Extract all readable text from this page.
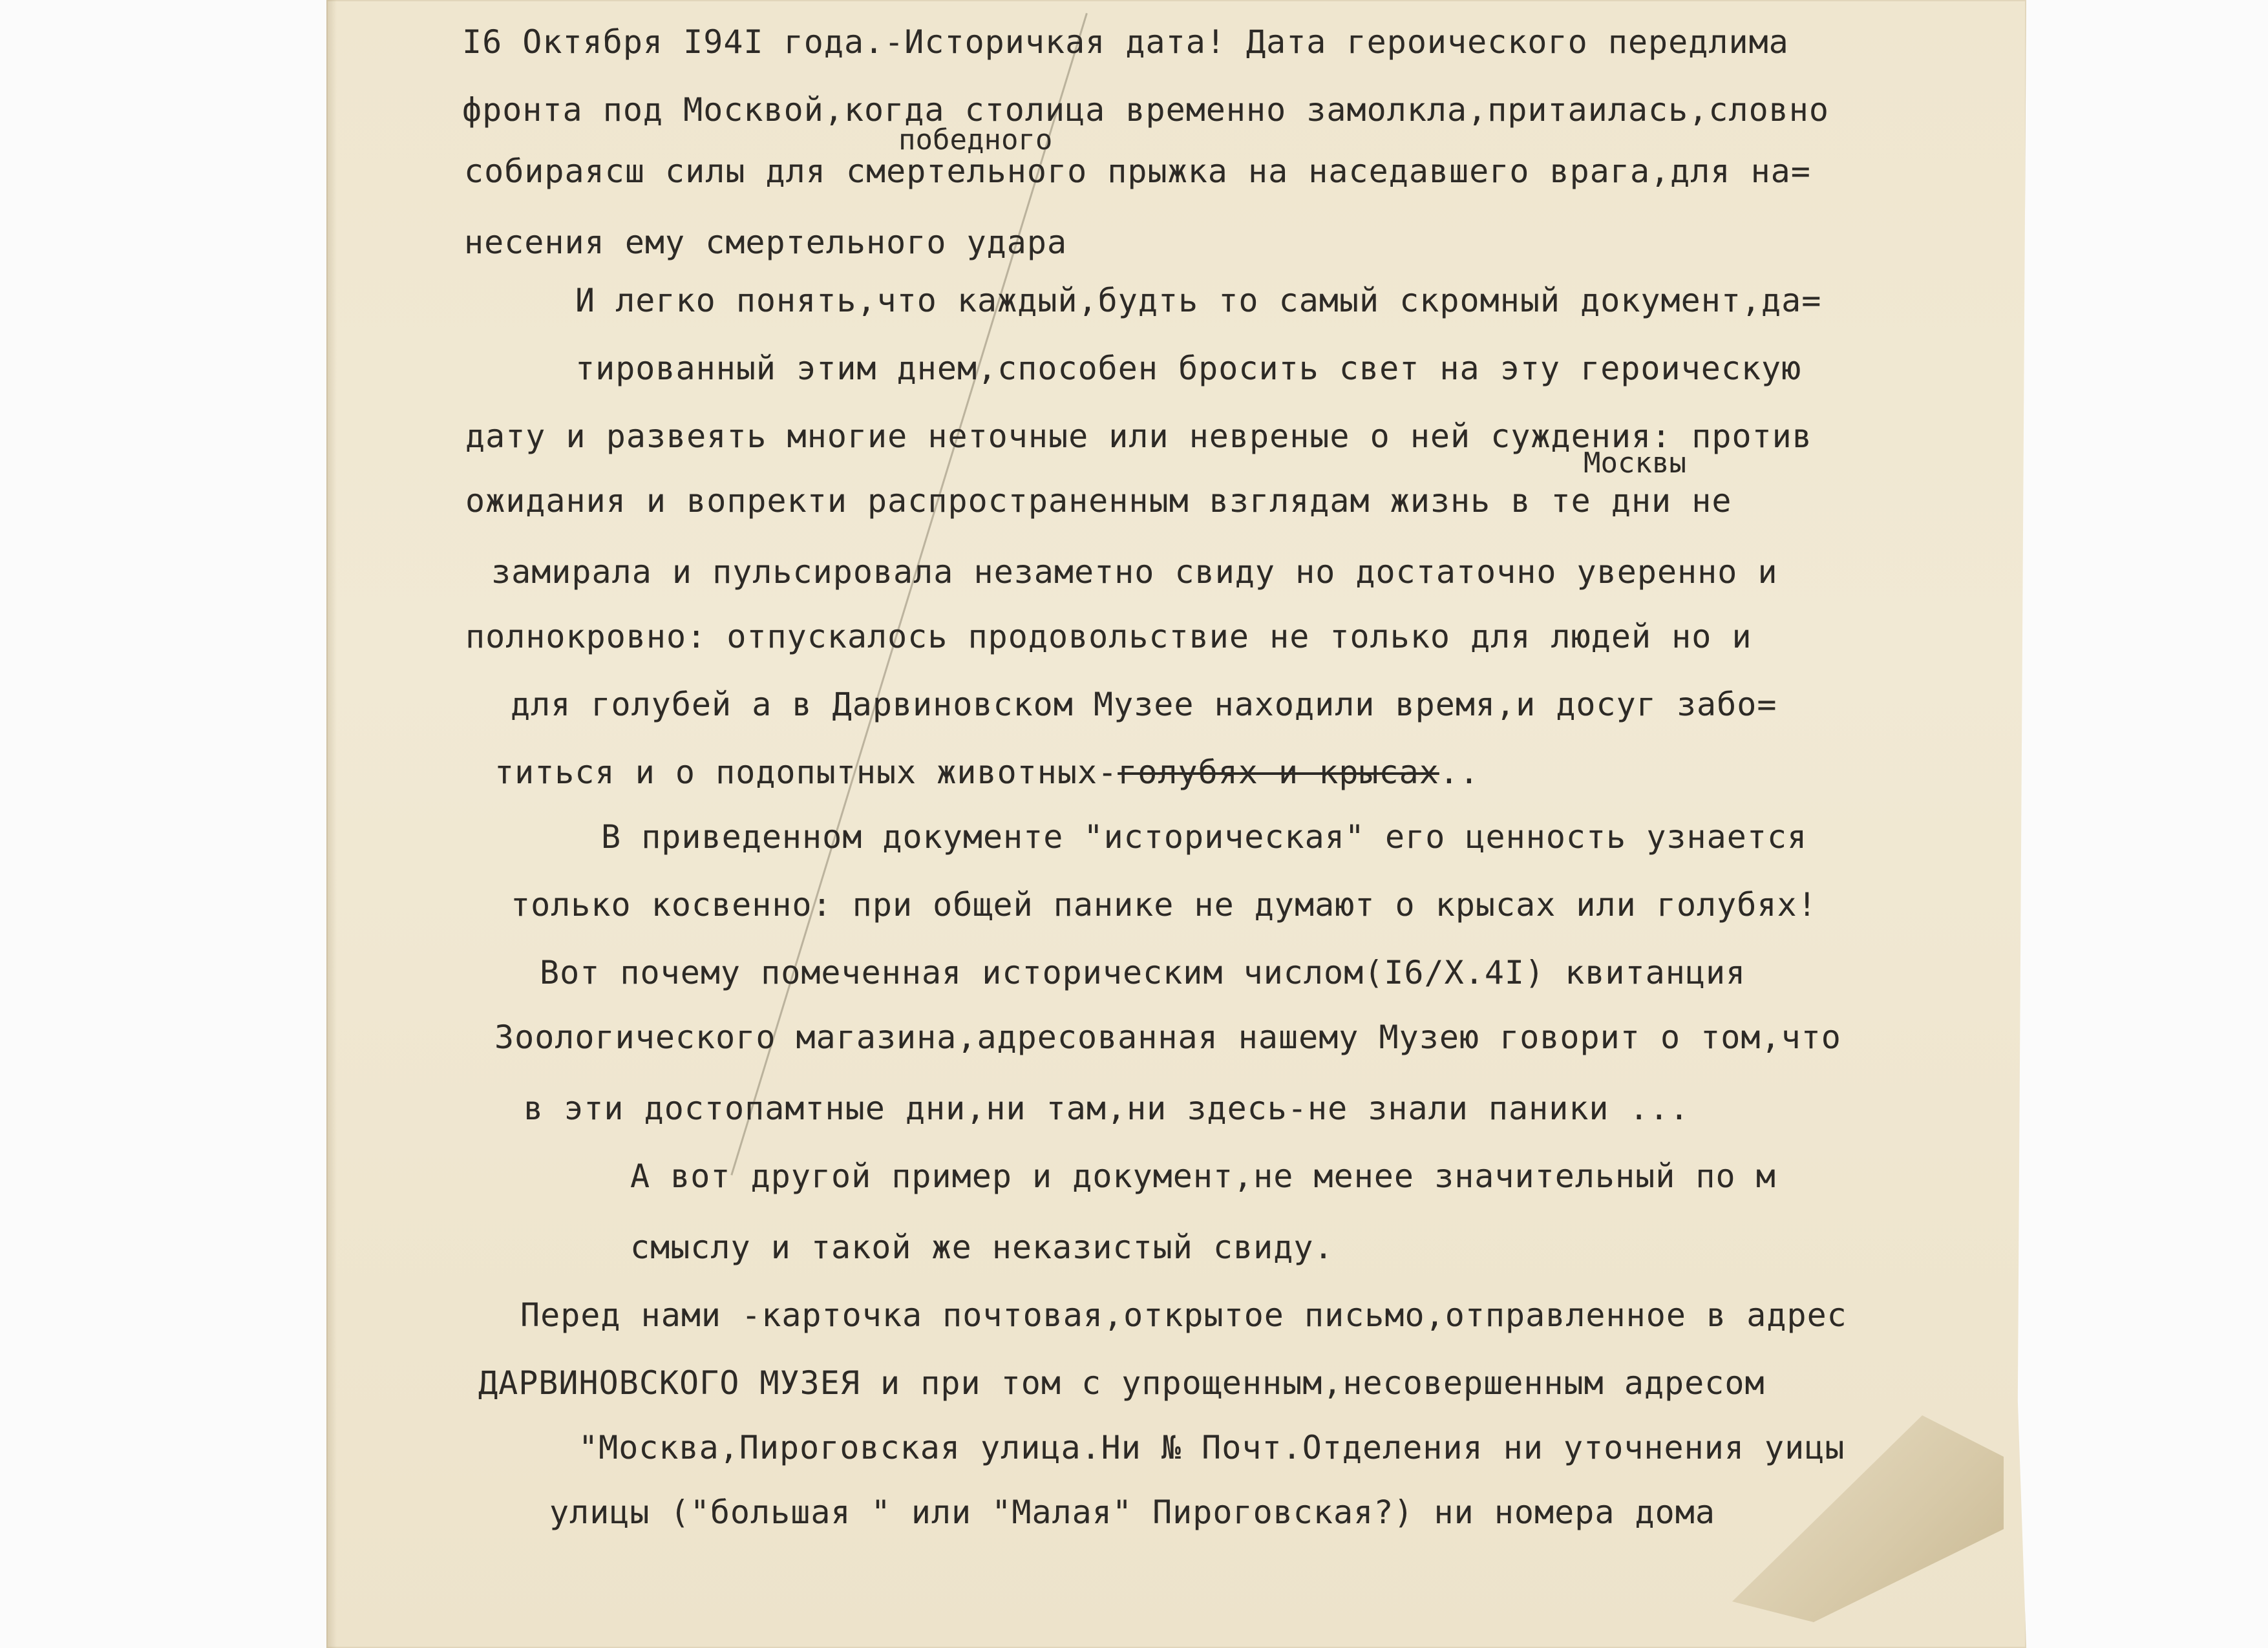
I6 Октября I94I года.-Историчкая дата! Дата героического передлима
фронта под Москвой,когда столица временно замолкла,притаилась,словно
победного
собираясш силы для смертельного прыжка на наседавшего врага,для на=
несения ему смертельного удара
И легко понять,что каждый,будть то самый скромный документ,да=
тированный этим днем,способен бросить свет на эту героическую
дату и развеять многие неточные или невреные о ней суждения: против
Москвы
ожидания и вопректи распространенным взглядам жизнь в те дни не
замирала и пульсировала незаметно свиду но достаточно уверенно и
полнокровно: отпускалось продовольствие не только для людей но и
для голубей а в Дарвиновском Музее находили время,и досуг забо=
титься и о подопытных животных-голубях и крысах..
В приведенном документе "историческая" его ценность узнается
только косвенно: при общей панике не думают о крысах или голубях!
Вот почему помеченная историческим числом(I6/X.4I) квитанция
Зоологического магазина,адресованная нашему Музею говорит о том,что
в эти достопамтные дни,ни там,ни здесь-не знали паники ...
А вот другой пример и документ,не менее значительный по м
смыслу и такой же неказистый свиду.
Перед нами -карточка почтовая,открытое письмо,отправленное в адрес
ДАРВИНОВСКОГО МУЗЕЯ и при том с упрощенным,несовершенным адресом
"Москва,Пироговская улица.Ни № Почт.Отделения ни уточнения уицы
улицы ("большая " или "Малая" Пироговская?) ни номера дома
